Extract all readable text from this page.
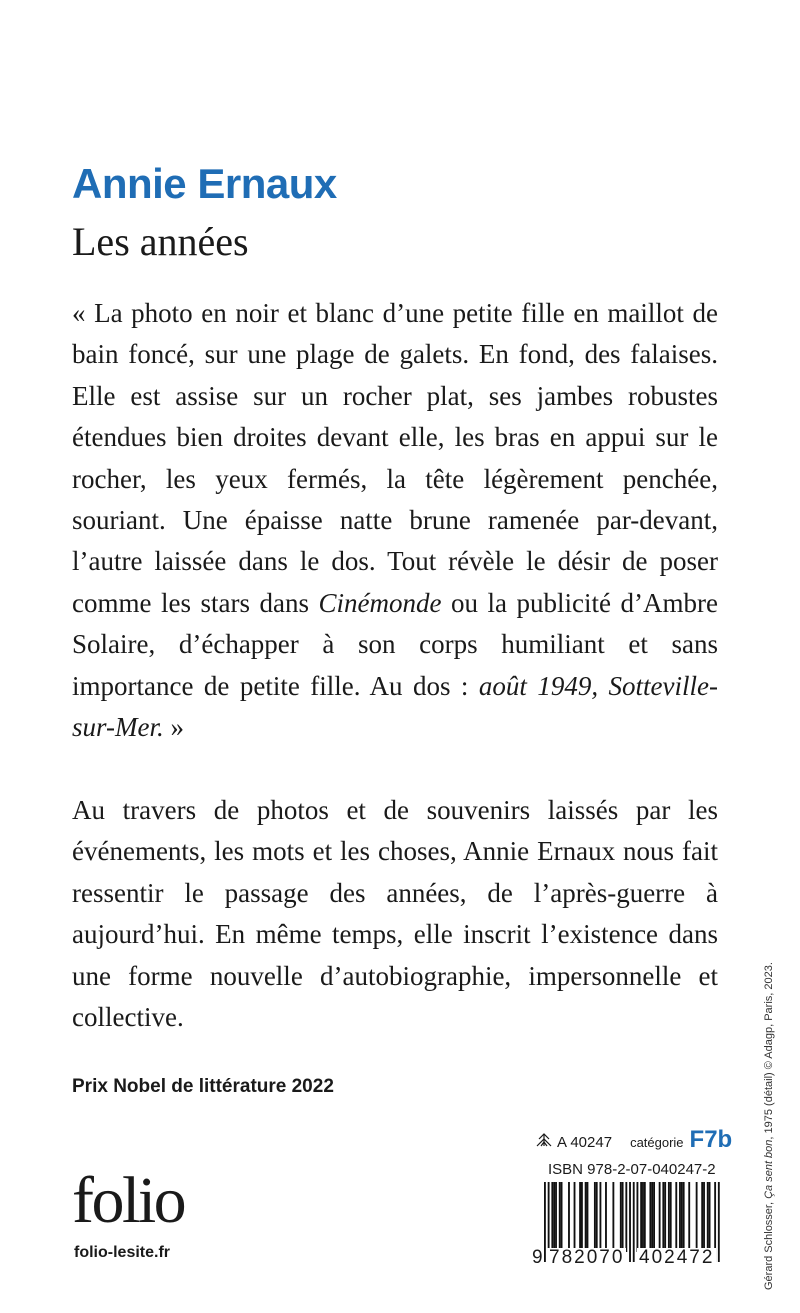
Annie Ernaux
Les années

« La photo en noir et blanc d’une petite fille en maillot de bain foncé, sur une plage de galets. En fond, des falaises. Elle est assise sur un rocher plat, ses jambes robustes étendues bien droites devant elle, les bras en appui sur le rocher, les yeux fermés, la tête légèrement penchée, souriant. Une épaisse natte brune ramenée par-devant, l’autre laissée dans le dos. Tout révèle le désir de poser comme les stars dans Cinémonde ou la publicité d’Ambre Solaire, d’échapper à son corps humiliant et sans importance de petite fille. Au dos : août 1949, Sotteville-sur-Mer. »

Au travers de photos et de souvenirs laissés par les événements, les mots et les choses, Annie Ernaux nous fait ressentir le passage des années, de l’après-guerre à aujourd’hui. En même temps, elle inscrit l’existence dans une forme nouvelle d’autobiographie, impersonnelle et collective.

Prix Nobel de littérature 2022
folio
folio-lesite.fr
A 40247 catégorie F7b
ISBN 978-2-07-040247-2
9 782070 402472	Gérard Schlosser, Ça sent bon, 1975 (détail) © Adagp, Paris, 2023.
